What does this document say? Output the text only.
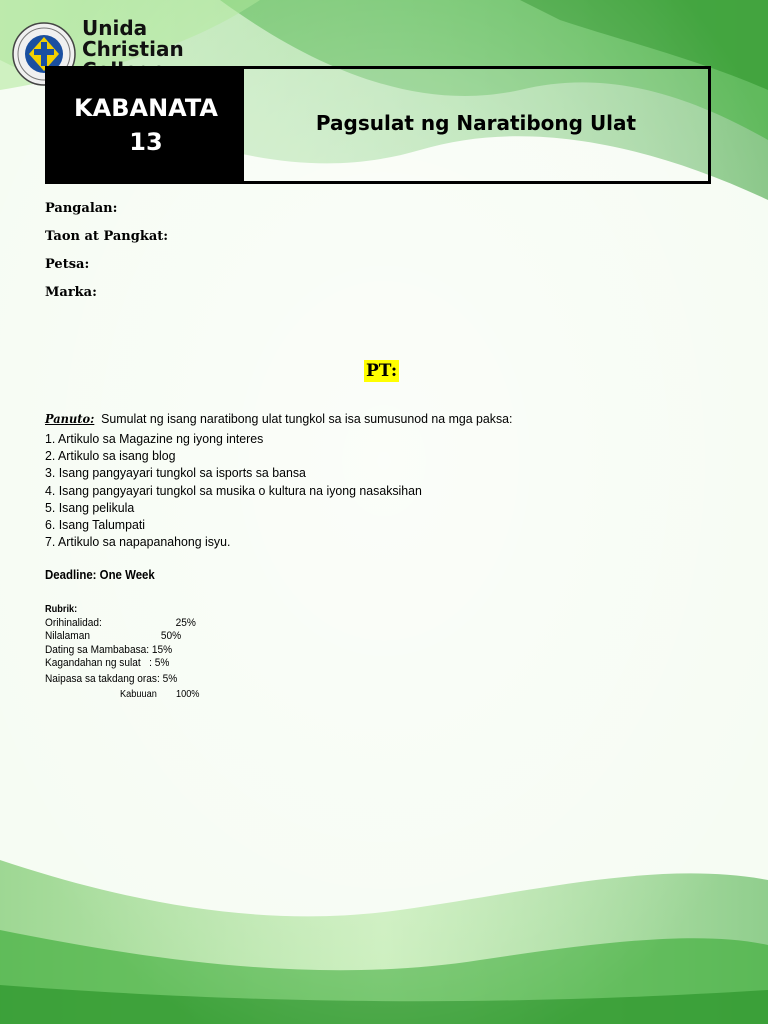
Unida
Christian
KABANATA
13
Pagsulat ng Naratibong Ulat
Pangalan:
Taon at Pangkat:
Petsa:
Marka:
PT:
Panuto: Sumulat ng isang naratibong ulat tungkol sa isa sumusunod na mga paksa:
1. Artikulo sa Magazine ng iyong interes
2. Artikulo sa isang blog
3. Isang pangyayari tungkol sa isports sa bansa
4. Isang pangyayari tungkol sa musika o kultura na iyong nasaksihan
5. Isang pelikula
6. Isang Talumpati
7. Artikulo sa napapanahong isyu.
Deadline: One Week
Rubrik:
Orihinalidad:	25%
Nilalaman	50%
Dating sa Mambabasa: 15%
Kagandahan ng sulat : 5%
Naipasa sa takdang oras: 5%
Kabuuan 100%
